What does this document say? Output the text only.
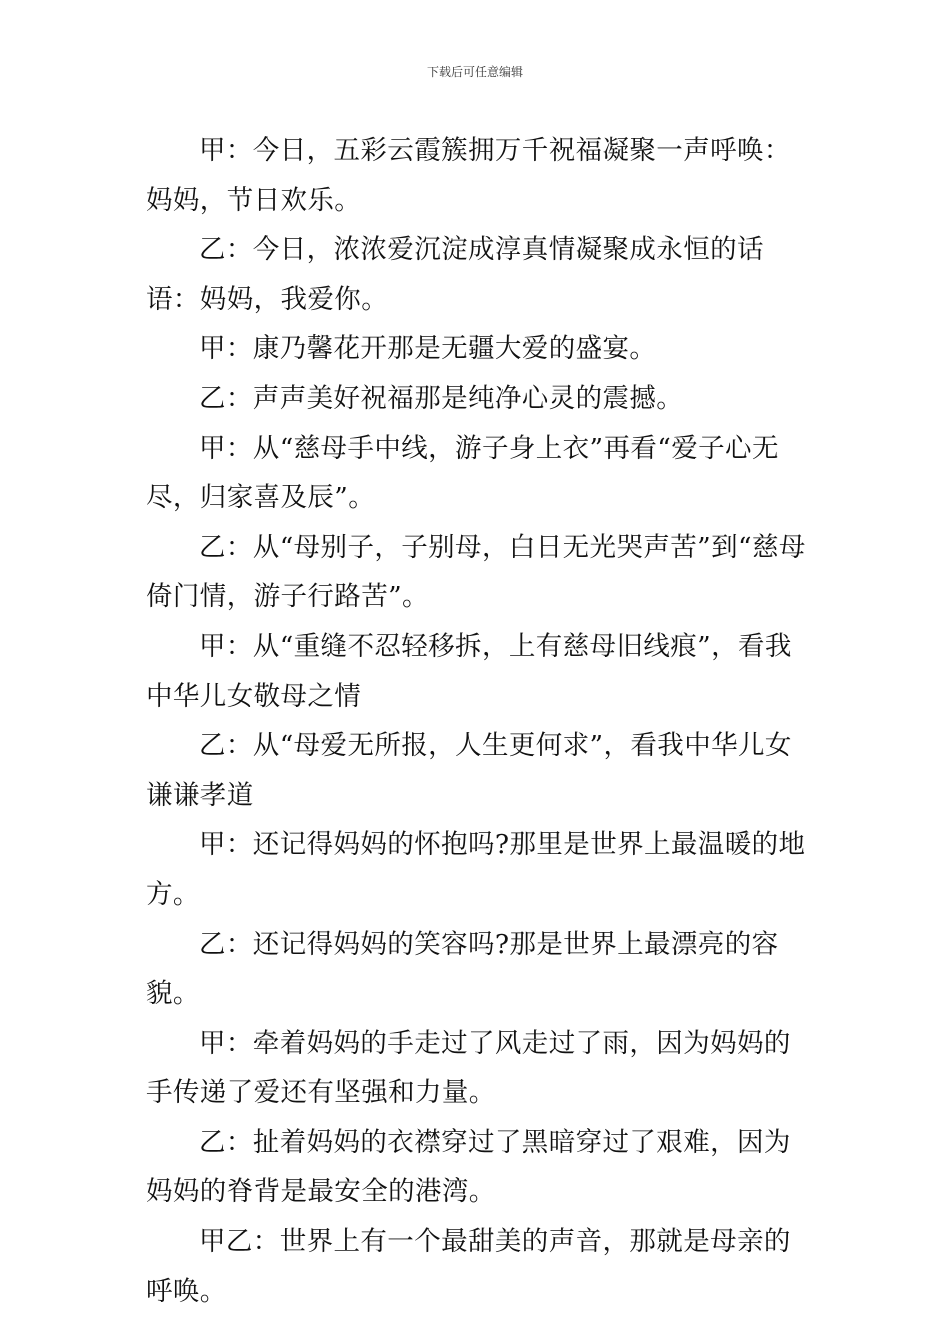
下载后可任意编辑

甲：今日，五彩云霞簇拥万千祝福凝聚一声呼唤：妈妈，节日欢乐。

乙：今日，浓浓爱沉淀成淳真情凝聚成永恒的话语：妈妈，我爱你。

甲：康乃馨花开那是无疆大爱的盛宴。

乙：声声美好祝福那是纯净心灵的震撼。

甲：从“慈母手中线，游子身上衣”再看“爱子心无尽，归家喜及辰”。

乙：从“母别子，子别母，白日无光哭声苦”到“慈母倚门情，游子行路苦”。

甲：从“重缝不忍轻移拆，上有慈母旧线痕”，看我中华儿女敬母之情

乙：从“母爱无所报，人生更何求”，看我中华儿女谦谦孝道

甲：还记得妈妈的怀抱吗?那里是世界上最温暖的地方。

乙：还记得妈妈的笑容吗?那是世界上最漂亮的容貌。

甲：牵着妈妈的手走过了风走过了雨，因为妈妈的手传递了爱还有坚强和力量。

乙：扯着妈妈的衣襟穿过了黑暗穿过了艰难，因为妈妈的脊背是最安全的港湾。

甲乙：世界上有一个最甜美的声音，那就是母亲的呼唤。
